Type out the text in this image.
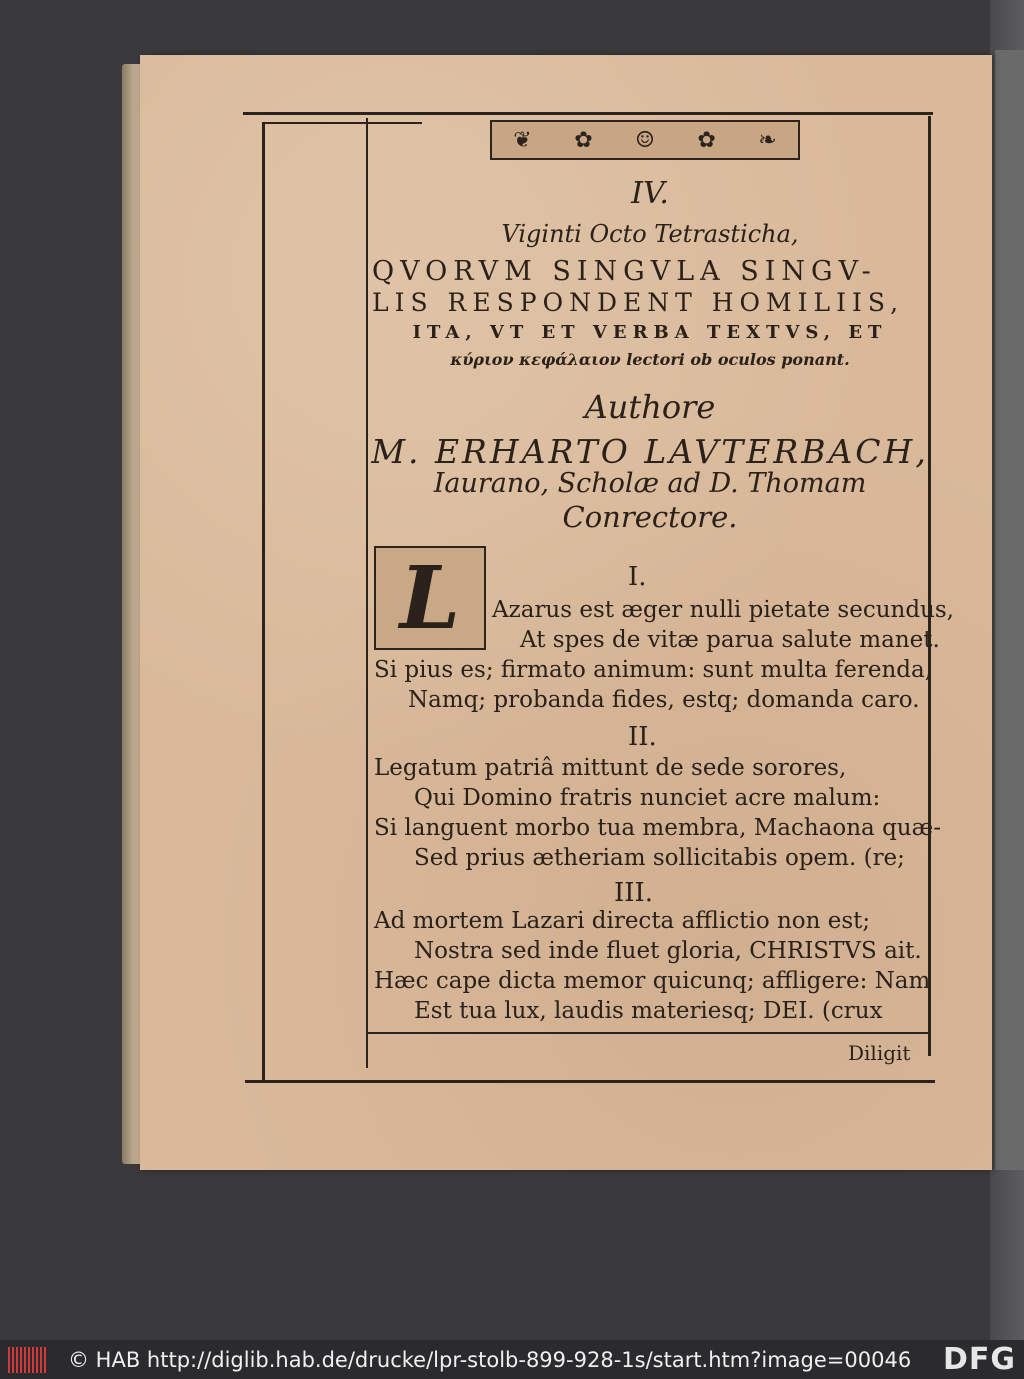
❦ ✿ ☺ ✿ ❧
IV.
Viginti Octo Tetrasticha,
QVORVM SINGVLA SINGV-
LIS RESPONDENT HOMILIIS,
ITA, VT ET VERBA TEXTVS, ET
κύριον κεφάλαιον lectori ob oculos ponant.
Authore
M. ERHARTO LAVTERBACH,
Iaurano, Scholæ ad D. Thomam
Conrectore.
L	I.
Azarus est æger nulli pietate secundus,
At spes de vitæ parua salute manet.
Si pius es; firmato animum: sunt multa ferenda,
Namq; probanda fides, estq; domanda caro.
II.
Legatum patriâ mittunt de sede sorores,
Qui Domino fratris nunciet acre malum:
Si languent morbo tua membra, Machaona quæ-
Sed prius ætheriam sollicitabis opem. (re;
III.
Ad mortem Lazari directa afflictio non est;
Nostra sed inde fluet gloria, CHRISTVS ait.
Hæc cape dicta memor quicunq; affligere: Nam
Est tua lux, laudis materiesq; DEI. (crux
Diligit
© HAB http://diglib.hab.de/drucke/lpr-stolb-899-928-1s/start.htm?image=00046 DFG
